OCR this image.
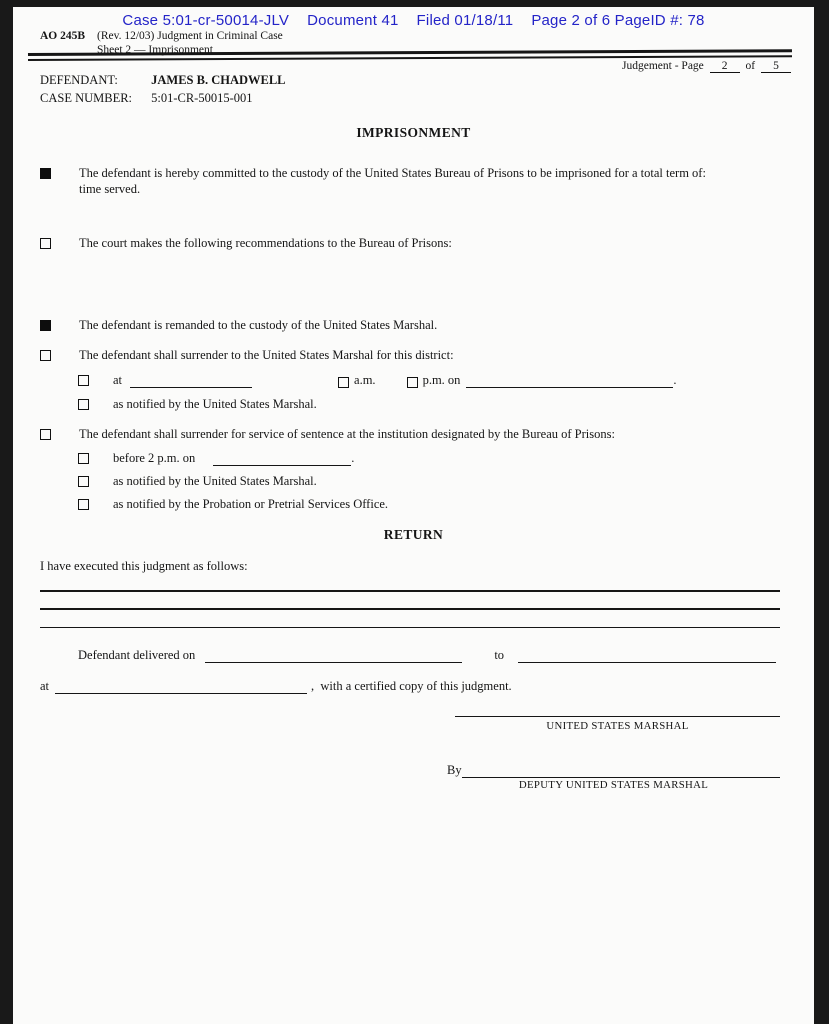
Case 5:01-cr-50014-JLV Document 41 Filed 01/18/11 Page 2 of 6 PageID #: 78
AO 245B (Rev. 12/03) Judgment in Criminal Case
Sheet 2 — Imprisonment
Judgement - Page 2 of 5
DEFENDANT:	JAMES B. CHADWELL
CASE NUMBER: 5:01-CR-50015-001
IMPRISONMENT
The defendant is hereby committed to the custody of the United States Bureau of Prisons to be imprisoned for a total term of:
time served.
The court makes the following recommendations to the Bureau of Prisons:
The defendant is remanded to the custody of the United States Marshal.
The defendant shall surrender to the United States Marshal for this district:
at	a.m.	p.m. on	.
as notified by the United States Marshal.
The defendant shall surrender for service of sentence at the institution designated by the Bureau of Prisons:
before 2 p.m. on	.
as notified by the United States Marshal.
as notified by the Probation or Pretrial Services Office.
RETURN
I have executed this judgment as follows:
Defendant delivered on	to
at	,  with a certified copy of this judgment.
UNITED STATES MARSHAL
By
DEPUTY UNITED STATES MARSHAL
